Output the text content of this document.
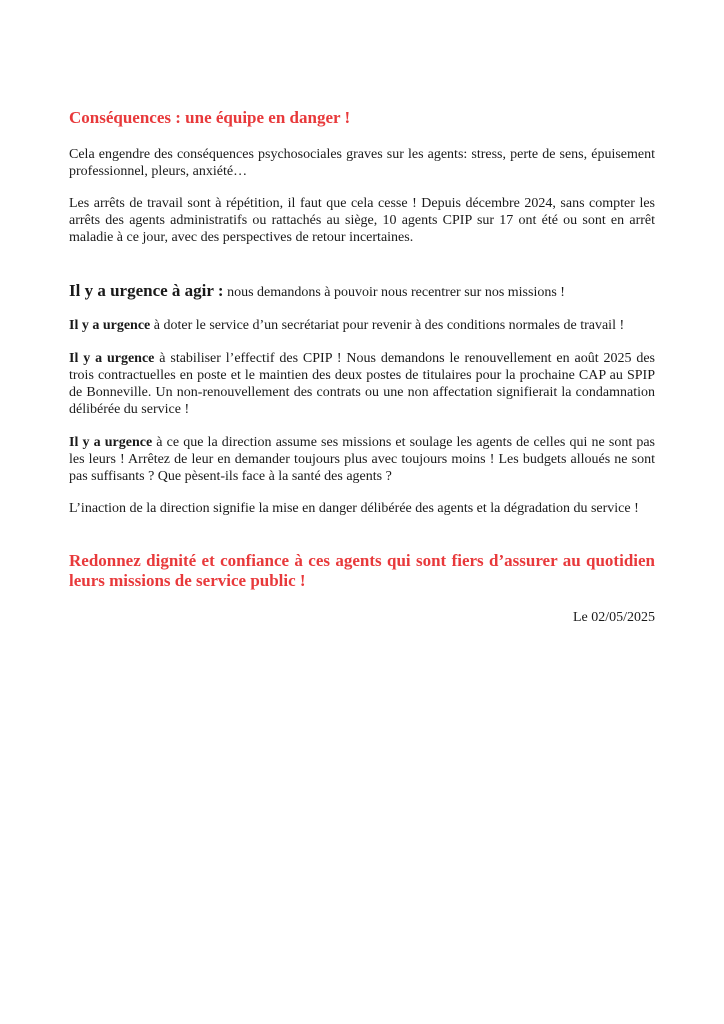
Conséquences : une équipe en danger !

Cela engendre des conséquences psychosociales graves sur les agents: stress, perte de sens, épuisement professionnel, pleurs, anxiété…

Les arrêts de travail sont à répétition, il faut que cela cesse ! Depuis décembre 2024, sans compter les arrêts des agents administratifs ou rattachés au siège, 10 agents CPIP sur 17 ont été ou sont en arrêt maladie à ce jour, avec des perspectives de retour incertaines.

Il y a urgence à agir : nous demandons à pouvoir nous recentrer sur nos missions !

Il y a urgence à doter le service d’un secrétariat pour revenir à des conditions normales de travail !

Il y a urgence à stabiliser l’effectif des CPIP ! Nous demandons le renouvellement en août 2025 des trois contractuelles en poste et le maintien des deux postes de titulaires pour la prochaine CAP au SPIP de Bonneville. Un non-renouvellement des contrats ou une non affectation signifierait la condamnation délibérée du service !

Il y a urgence à ce que la direction assume ses missions et soulage les agents de celles qui ne sont pas les leurs ! Arrêtez de leur en demander toujours plus avec toujours moins ! Les budgets alloués ne sont pas suffisants ? Que pèsent-ils face à la santé des agents ?

L’inaction de la direction signifie la mise en danger délibérée des agents et la dégradation du service !

Redonnez dignité et confiance à ces agents qui sont fiers d’assurer au quotidien leurs missions de service public !

Le 02/05/2025
